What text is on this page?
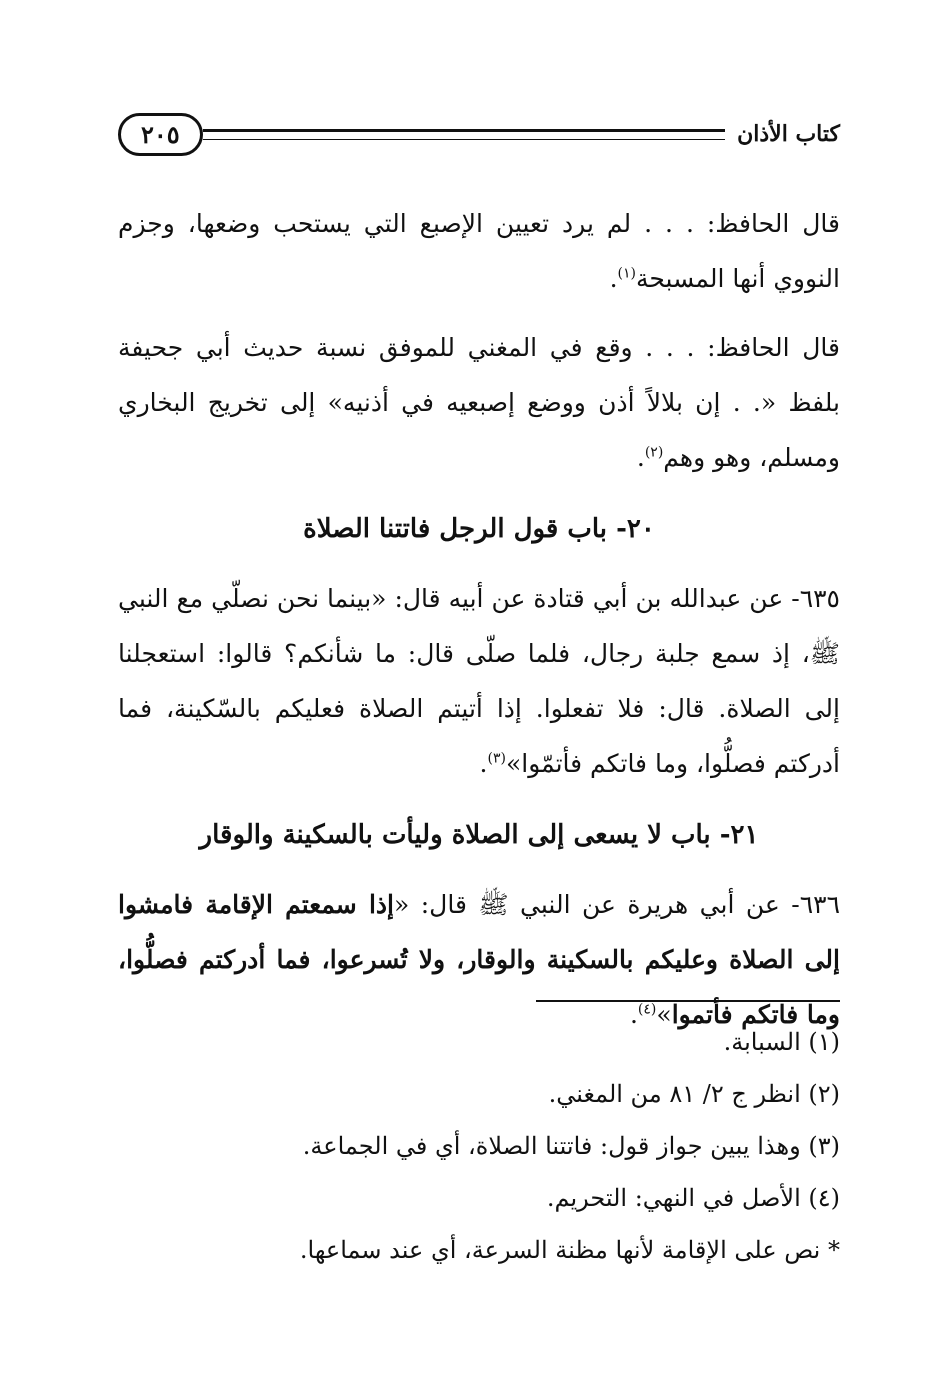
كتاب الأذان
٢٠٥

قال الحافظ: . . . لم يرد تعيين الإصبع التي يستحب وضعها، وجزم النووي أنها المسبحة$^{(١)}$.

قال الحافظ: . . . وقع في المغني للموفق نسبة حديث أبي جحيفة بلفظ «. . إن بلالاً أذن ووضع إصبعيه في أذنيه» إلى تخريج البخاري ومسلم، وهو وهم$^{(٢)}$.

٢٠- باب قول الرجل فاتتنا الصلاة

٦٣٥- عن عبدالله بن أبي قتادة عن أبيه قال: «بينما نحن نصلّي مع النبي ﷺ، إذ سمع جلبة رجال، فلما صلّى قال: ما شأنكم؟ قالوا: استعجلنا إلى الصلاة. قال: فلا تفعلوا. إذا أتيتم الصلاة فعليكم بالسّكينة، فما أدركتم فصلُّوا، وما فاتكم فأتمّوا»$^{(٣)}$.

٢١- باب لا يسعى إلى الصلاة وليأت بالسكينة والوقار

٦٣٦- عن أبي هريرة عن النبي ﷺ قال: «إذا سمعتم الإقامة فامشوا إلى الصلاة وعليكم بالسكينة والوقار، ولا تُسرعوا، فما أدركتم فصلُّوا، وما فاتكم فأتموا»$^{(٤)}$.

(١) السبابة.
(٢) انظر ج ٢/ ٨١ من المغني.
(٣) وهذا يبين جواز قول: فاتتنا الصلاة، أي في الجماعة.
(٤) الأصل في النهي: التحريم.
* نص على الإقامة لأنها مظنة السرعة، أي عند سماعها.
